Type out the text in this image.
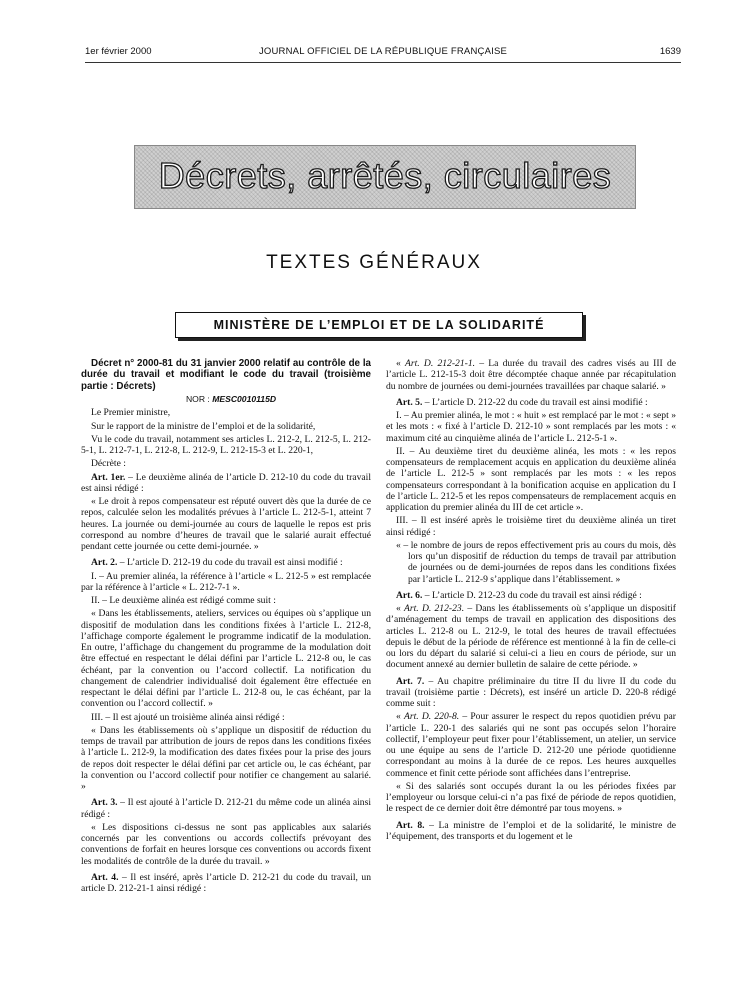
1er février 2000	JOURNAL OFFICIEL DE LA RÉPUBLIQUE FRANÇAISE	1639
Décrets, arrêtés, circulaires
TEXTES GÉNÉRAUX
MINISTÈRE DE L’EMPLOI ET DE LA SOLIDARITÉ

Décret n° 2000-81 du 31 janvier 2000 relatif au contrôle de la durée du travail et modifiant le code du travail (troisième partie : Décrets)

NOR : MESC0010115D

Le Premier ministre,

Sur le rapport de la ministre de l’emploi et de la solidarité,

Vu le code du travail, notamment ses articles L. 212-2, L. 212-5, L. 212-5-1, L. 212-7-1, L. 212-8, L. 212-9, L. 212-15-3 et L. 220-1,

Décrète :

Art. 1er. – Le deuxième alinéa de l’article D. 212-10 du code du travail est ainsi rédigé :

« Le droit à repos compensateur est réputé ouvert dès que la durée de ce repos, calculée selon les modalités prévues à l’article L. 212-5-1, atteint 7 heures. La journée ou demi-journée au cours de laquelle le repos est pris correspond au nombre d’heures de travail que le salarié aurait effectué pendant cette journée ou cette demi-journée. »

Art. 2. – L’article D. 212-19 du code du travail est ainsi modifié :

I. – Au premier alinéa, la référence à l’article « L. 212-5 » est remplacée par la référence à l’article « L. 212-7-1 ».

II. – Le deuxième alinéa est rédigé comme suit :

« Dans les établissements, ateliers, services ou équipes où s’applique un dispositif de modulation dans les conditions fixées à l’article L. 212-8, l’affichage comporte également le programme indicatif de la modulation. En outre, l’affichage du changement du programme de la modulation doit être effectué en respectant le délai défini par l’article L. 212-8 ou, le cas échéant, par la convention ou l’accord collectif. La notification du changement de calendrier individualisé doit également être effectuée en respectant le délai défini par l’article L. 212-8 ou, le cas échéant, par la convention ou l’accord collectif. »

III. – Il est ajouté un troisième alinéa ainsi rédigé :

« Dans les établissements où s’applique un dispositif de réduction du temps de travail par attribution de jours de repos dans les conditions fixées à l’article L. 212-9, la modification des dates fixées pour la prise des jours de repos doit respecter le délai défini par cet article ou, le cas échéant, par la convention ou l’accord collectif pour notifier ce changement au salarié. »

Art. 3. – Il est ajouté à l’article D. 212-21 du même code un alinéa ainsi rédigé :

« Les dispositions ci-dessus ne sont pas applicables aux salariés concernés par les conventions ou accords collectifs prévoyant des conventions de forfait en heures lorsque ces conventions ou accords fixent les modalités de contrôle de la durée du travail. »

Art. 4. – Il est inséré, après l’article D. 212-21 du code du travail, un article D. 212-21-1 ainsi rédigé :

« Art. D. 212-21-1. – La durée du travail des cadres visés au III de l’article L. 212-15-3 doit être décomptée chaque année par récapitulation du nombre de journées ou demi-journées travaillées par chaque salarié. »

Art. 5. – L’article D. 212-22 du code du travail est ainsi modifié :

I. – Au premier alinéa, le mot : « huit » est remplacé par le mot : « sept » et les mots : « fixé à l’article D. 212-10 » sont remplacés par les mots : « maximum cité au cinquième alinéa de l’article L. 212-5-1 ».

II. – Au deuxième tiret du deuxième alinéa, les mots : « les repos compensateurs de remplacement acquis en application du deuxième alinéa de l’article L. 212-5 » sont remplacés par les mots : « les repos compensateurs correspondant à la bonification acquise en application du I de l’article L. 212-5 et les repos compensateurs de remplacement acquis en application du premier alinéa du III de cet article ».

III. – Il est inséré après le troisième tiret du deuxième alinéa un tiret ainsi rédigé :

« – le nombre de jours de repos effectivement pris au cours du mois, dès lors qu’un dispositif de réduction du temps de travail par attribution de journées ou de demi-journées de repos dans les conditions fixées par l’article L. 212-9 s’applique dans l’établissement. »

Art. 6. – L’article D. 212-23 du code du travail est ainsi rédigé :

« Art. D. 212-23. – Dans les établissements où s’applique un dispositif d’aménagement du temps de travail en application des dispositions des articles L. 212-8 ou L. 212-9, le total des heures de travail effectuées depuis le début de la période de référence est mentionné à la fin de celle-ci ou lors du départ du salarié si celui-ci a lieu en cours de période, sur un document annexé au dernier bulletin de salaire de cette période. »

Art. 7. – Au chapitre préliminaire du titre II du livre II du code du travail (troisième partie : Décrets), est inséré un article D. 220-8 rédigé comme suit :

« Art. D. 220-8. – Pour assurer le respect du repos quotidien prévu par l’article L. 220-1 des salariés qui ne sont pas occupés selon l’horaire collectif, l’employeur peut fixer pour l’établissement, un atelier, un service ou une équipe au sens de l’article D. 212-20 une période quotidienne correspondant au moins à la durée de ce repos. Les heures auxquelles commence et finit cette période sont affichées dans l’entreprise.

« Si des salariés sont occupés durant la ou les périodes fixées par l’employeur ou lorsque celui-ci n’a pas fixé de période de repos quotidien, le respect de ce dernier doit être démontré par tous moyens. »

Art. 8. – La ministre de l’emploi et de la solidarité, le ministre de l’équipement, des transports et du logement et le
